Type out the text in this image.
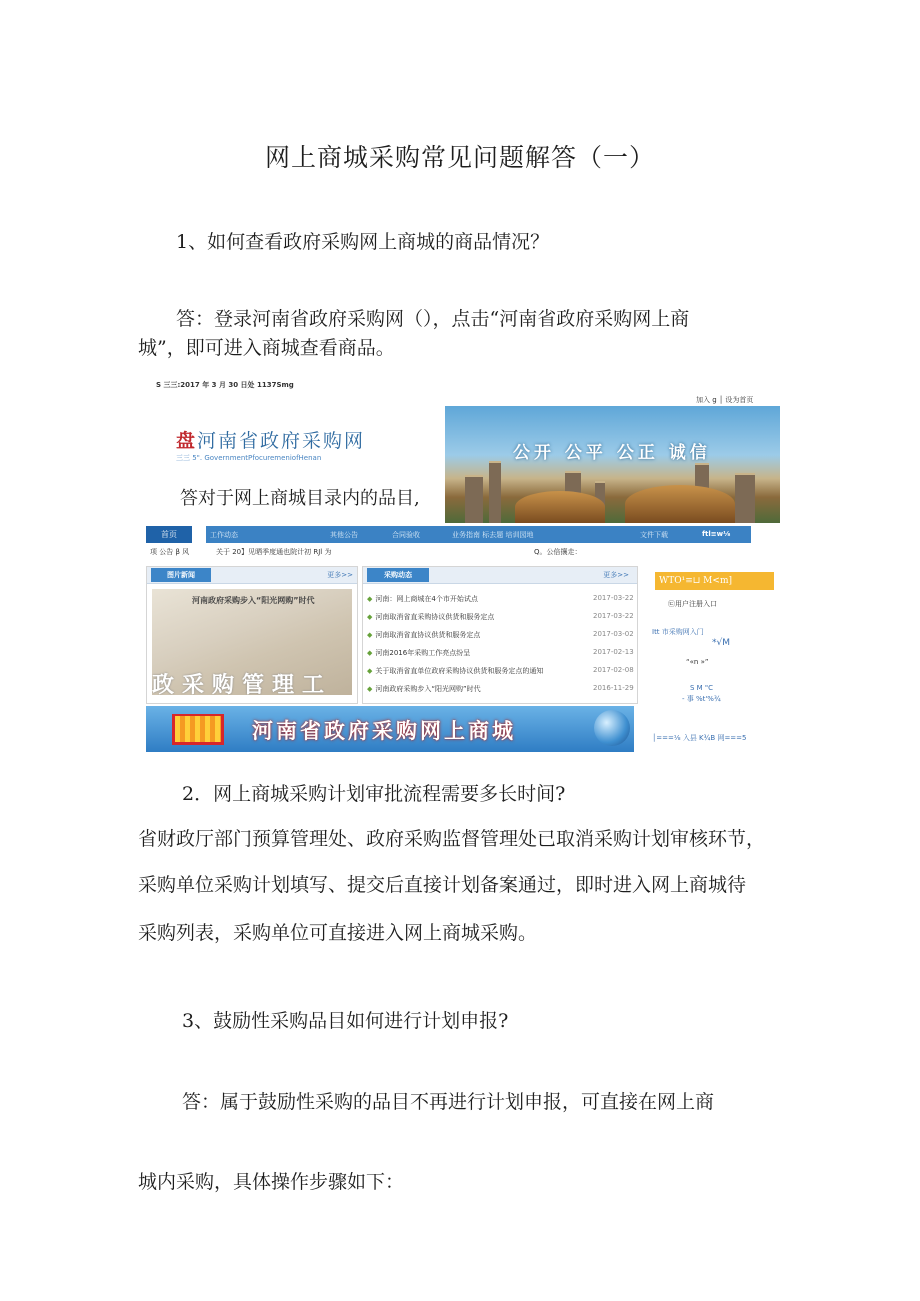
网上商城采购常见问题解答（一）
1、如何查看政府采购网上商城的商品情况？
答：登录河南省政府采购网（），点击“河南省政府采购网上商
城”，即可进入商城查看商品。
S 三三:2017 年 3 月 30 日处 1137Smg
加入 g │ 设为首页
盘河南省政府采购网
三三 5". GovernmentPfocuremeniofHenan	公开 公平 公正 诚信
答对于网上商城目录内的品目,
首页	工作动态	其他公告	合同验收	业务指南 标去题 培训园地	文件下载	ftl≡w⅛
项 公告 β 风	关于 20】见晒季度通也院计初 RJl 为	Q。公倍攘走：
图片新闻	更多>>
河南政府采购步入“阳光网购”时代
政采购管理工
采购动态	更多>>
◆ 河南：网上商城在4个市开始试点	2017-03-22
◆ 河南取消省直采购协议供货和服务定点	2017-03-22
◆ 河南取消省直协议供货和服务定点	2017-03-02
◆ 河南2016年采购工作亮点纷呈	2017-02-13
◆ 关于取消省直单位政府采购协议供货和服务定点的通知	2017-02-08
◆ 河南政府采购步入“阳光网购”时代	2016-11-29
WTO¹≡⊔ M<m]
㉢用户注册入口
Itt 市采购网入门
*√M
“«n »”
S M "C
- 事 %t'%¾
│===⅛ 入县 K¾B 网===5
河南省政府采购网上商城
2．网上商城采购计划审批流程需要多长时间?
省财政厅部门预算管理处、政府采购监督管理处已取消采购计划审核环节，
采购单位采购计划填写、提交后直接计划备案通过，即时进入网上商城待
采购列表，采购单位可直接进入网上商城采购。
3、鼓励性采购品目如何进行计划申报?
答：属于鼓励性采购的品目不再进行计划申报，可直接在网上商
城内采购，具体操作步骤如下：
